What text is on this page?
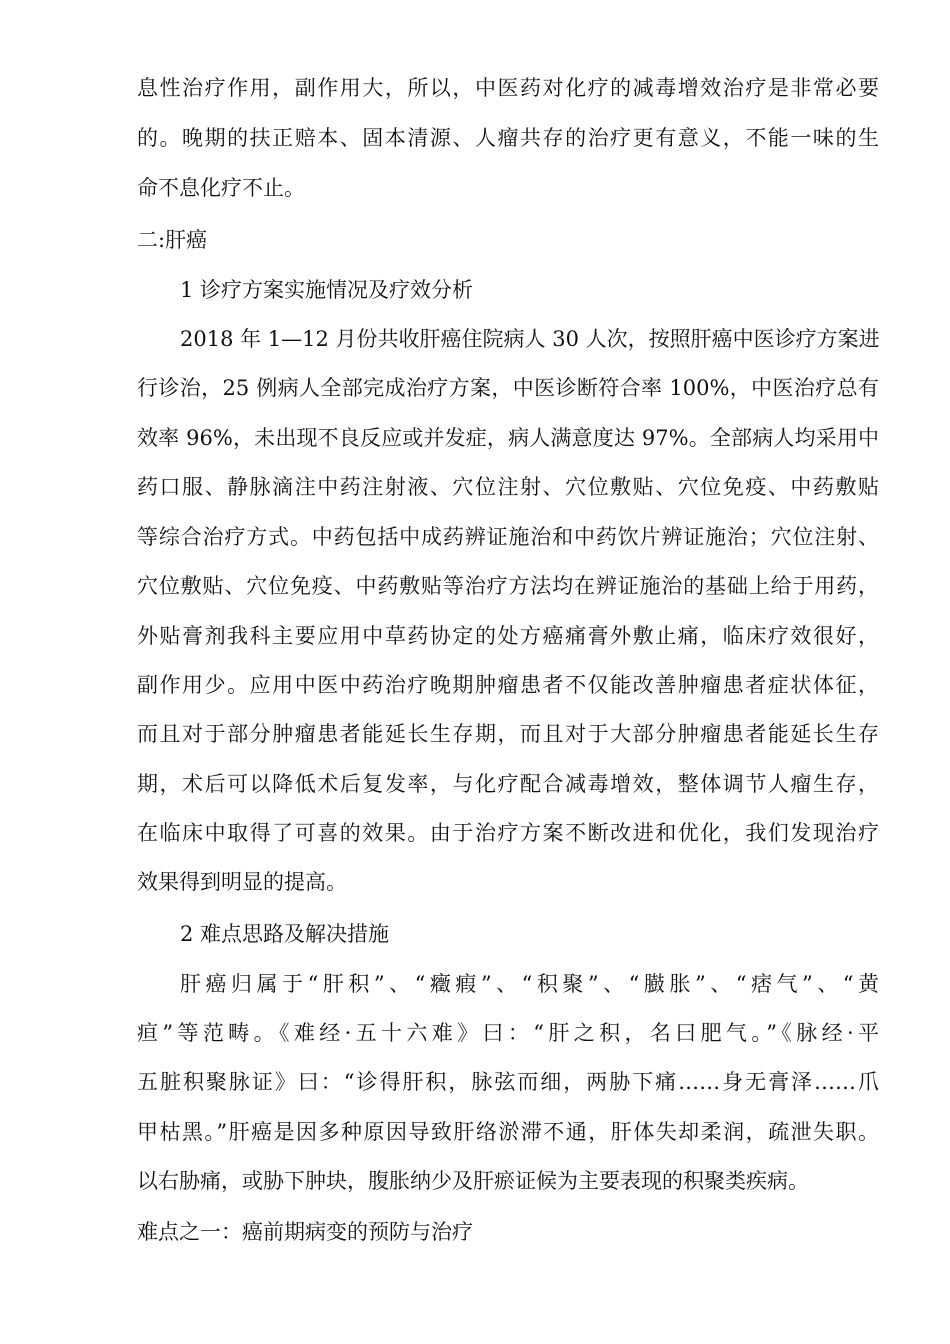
息性治疗作用，副作用大，所以，中医药对化疗的减毒增效治疗是非常必要
的。晚期的扶正赔本、固本清源、人瘤共存的治疗更有意义，不能一味的生
命不息化疗不止。
二:肝癌
1 诊疗方案实施情况及疗效分析
2018 年 1—12 月份共收肝癌住院病人 30 人次，按照肝癌中医诊疗方案进
行诊治，25 例病人全部完成治疗方案，中医诊断符合率 100%，中医治疗总有
效率 96%，未出现不良反应或并发症，病人满意度达 97%。全部病人均采用中
药口服、静脉滴注中药注射液、穴位注射、穴位敷贴、穴位免疫、中药敷贴
等综合治疗方式。中药包括中成药辨证施治和中药饮片辨证施治；穴位注射、
穴位敷贴、穴位免疫、中药敷贴等治疗方法均在辨证施治的基础上给于用药，
外贴膏剂我科主要应用中草药协定的处方癌痛膏外敷止痛，临床疗效很好，
副作用少。应用中医中药治疗晚期肿瘤患者不仅能改善肿瘤患者症状体征，
而且对于部分肿瘤患者能延长生存期，而且对于大部分肿瘤患者能延长生存
期，术后可以降低术后复发率，与化疗配合减毒增效，整体调节人瘤生存，
在临床中取得了可喜的效果。由于治疗方案不断改进和优化，我们发现治疗
效果得到明显的提高。
2 难点思路及解决措施
肝癌归属于“肝积”、“癥瘕”、“积聚”、“臌胀”、“痞气”、“黄
疸”等范畴。《难经·五十六难》曰：“肝之积，名曰肥气。”《脉经·平
五脏积聚脉证》曰：“诊得肝积，脉弦而细，两胁下痛……身无膏泽……爪
甲枯黑。”肝癌是因多种原因导致肝络淤滞不通，肝体失却柔润，疏泄失职。
以右胁痛，或胁下肿块，腹胀纳少及肝瘀证候为主要表现的积聚类疾病。
难点之一：癌前期病变的预防与治疗
